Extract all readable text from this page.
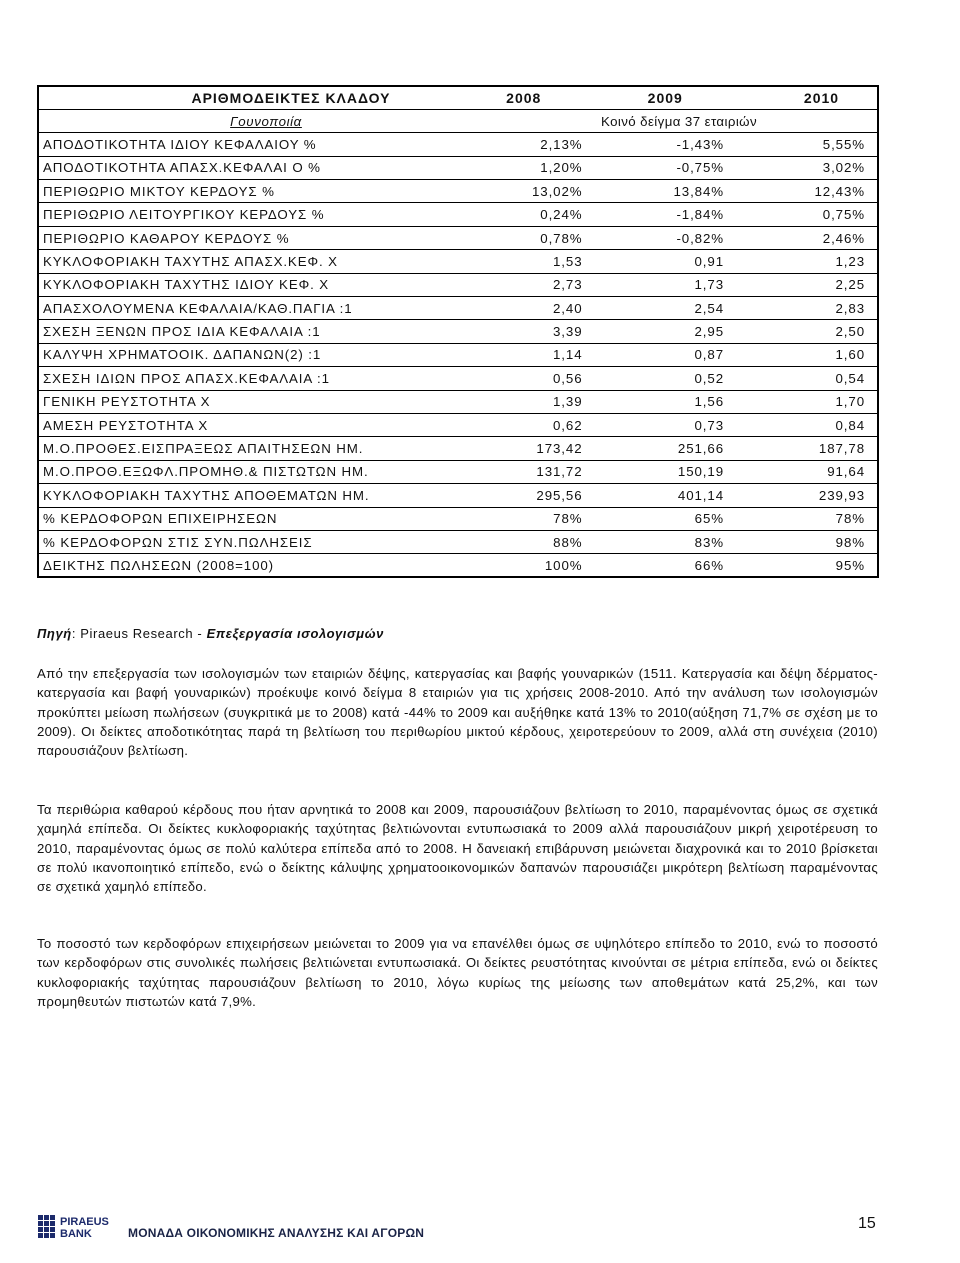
ΑΡΙΘΜΟΔΕΙΚΤΕΣ ΚΛΑΔΟΥ	2008	2009	2010
Γουνοποιία	Κοινό δείγμα 37 εταιριών		
ΑΠΟΔΟΤΙΚΟΤΗΤΑ ΙΔΙΟΥ ΚΕΦΑΛΑΙΟΥ %	2,13%	-1,43%	5,55%
ΑΠΟΔΟΤΙΚΟΤΗΤΑ ΑΠΑΣΧ.ΚΕΦΑΛΑΙ Ο %	1,20%	-0,75%	3,02%
ΠΕΡΙΘΩΡΙΟ ΜΙΚΤΟΥ ΚΕΡΔΟΥΣ %	13,02%	13,84%	12,43%
ΠΕΡΙΘΩΡΙΟ ΛΕΙΤΟΥΡΓΙΚΟΥ ΚΕΡΔΟΥΣ %	0,24%	-1,84%	0,75%
ΠΕΡΙΘΩΡΙΟ ΚΑΘΑΡΟΥ ΚΕΡΔΟΥΣ %	0,78%	-0,82%	2,46%
ΚΥΚΛΟΦΟΡΙΑΚΗ ΤΑΧΥΤΗΣ ΑΠΑΣΧ.ΚΕΦ. Χ	1,53	0,91	1,23
ΚΥΚΛΟΦΟΡΙΑΚΗ ΤΑΧΥΤΗΣ ΙΔΙΟΥ ΚΕΦ. Χ	2,73	1,73	2,25
ΑΠΑΣΧΟΛΟΥΜΕΝΑ ΚΕΦΑΛΑΙΑ/ΚΑΘ.ΠΑΓΙΑ :1	2,40	2,54	2,83
ΣΧΕΣΗ ΞΕΝΩΝ ΠΡΟΣ ΙΔΙΑ ΚΕΦΑΛΑΙΑ :1	3,39	2,95	2,50
ΚΑΛΥΨΗ ΧΡΗΜΑΤΟΟΙΚ. ΔΑΠΑΝΩΝ(2) :1	1,14	0,87	1,60
ΣΧΕΣΗ ΙΔΙΩΝ ΠΡΟΣ ΑΠΑΣΧ.ΚΕΦΑΛΑΙΑ :1	0,56	0,52	0,54
ΓΕΝΙΚΗ ΡΕΥΣΤΟΤΗΤΑ Χ	1,39	1,56	1,70
ΑΜΕΣΗ ΡΕΥΣΤΟΤΗΤΑ Χ	0,62	0,73	0,84
Μ.Ο.ΠΡΟΘΕΣ.ΕΙΣΠΡΑΞΕΩΣ ΑΠΑΙΤΗΣΕΩΝ ΗΜ.	173,42	251,66	187,78
Μ.Ο.ΠΡΟΘ.ΕΞΩΦΛ.ΠΡΟΜΗΘ.& ΠΙΣΤΩΤΩΝ ΗΜ.	131,72	150,19	91,64
ΚΥΚΛΟΦΟΡΙΑΚΗ ΤΑΧΥΤΗΣ ΑΠΟΘΕΜΑΤΩΝ ΗΜ.	295,56	401,14	239,93
% ΚΕΡΔΟΦΟΡΩΝ ΕΠΙΧΕΙΡΗΣΕΩΝ	78%	65%	78%
% ΚΕΡΔΟΦΟΡΩΝ ΣΤΙΣ ΣΥΝ.ΠΩΛΗΣΕΙΣ	88%	83%	98%
ΔΕΙΚΤΗΣ ΠΩΛΗΣΕΩΝ (2008=100)	100%	66%	95%
Πηγή: Piraeus Research - Επεξεργασία ισολογισμών

Από την επεξεργασία των ισολογισμών των εταιριών δέψης, κατεργασίας και βαφής γουναρικών (1511. Κατεργασία και δέψη δέρματος-κατεργασία και βαφή γουναρικών) προέκυψε κοινό δείγμα 8 εταιριών για τις χρήσεις 2008-2010. Από την ανάλυση των ισολογισμών προκύπτει μείωση πωλήσεων (συγκριτικά με το 2008) κατά -44% το 2009 και αυξήθηκε κατά 13% το 2010(αύξηση 71,7% σε σχέση με το 2009). Οι δείκτες αποδοτικότητας παρά τη βελτίωση του περιθωρίου μικτού κέρδους, χειροτερεύουν το 2009, αλλά στη συνέχεια (2010) παρουσιάζουν βελτίωση.

Τα περιθώρια καθαρού κέρδους που ήταν αρνητικά το 2008 και 2009, παρουσιάζουν βελτίωση το 2010, παραμένοντας όμως σε σχετικά χαμηλά επίπεδα. Οι δείκτες κυκλοφοριακής ταχύτητας βελτιώνονται εντυπωσιακά το 2009 αλλά παρουσιάζουν μικρή χειροτέρευση το 2010, παραμένοντας όμως σε πολύ καλύτερα επίπεδα από το 2008. Η δανειακή επιβάρυνση μειώνεται διαχρονικά και το 2010 βρίσκεται σε πολύ ικανοποιητικό επίπεδο, ενώ ο δείκτης κάλυψης χρηματοοικονομικών δαπανών παρουσιάζει μικρότερη βελτίωση παραμένοντας σε σχετικά χαμηλό επίπεδο.

Το ποσοστό των κερδοφόρων επιχειρήσεων μειώνεται το 2009 για να επανέλθει όμως σε υψηλότερο επίπεδο το 2010, ενώ το ποσοστό των κερδοφόρων στις συνολικές πωλήσεις βελτιώνεται εντυπωσιακά. Οι δείκτες ρευστότητας κινούνται σε μέτρια επίπεδα, ενώ οι δείκτες κυκλοφοριακής ταχύτητας παρουσιάζουν βελτίωση το 2010, λόγω κυρίως της μείωσης των αποθεμάτων κατά 25,2%, και των προμηθευτών πιστωτών κατά 7,9%.

PIRAEUS
BANK	ΜΟΝΑΔΑ ΟΙΚΟΝΟΜΙΚΗΣ ΑΝΑΛΥΣΗΣ ΚΑΙ ΑΓΟΡΩΝ
15
